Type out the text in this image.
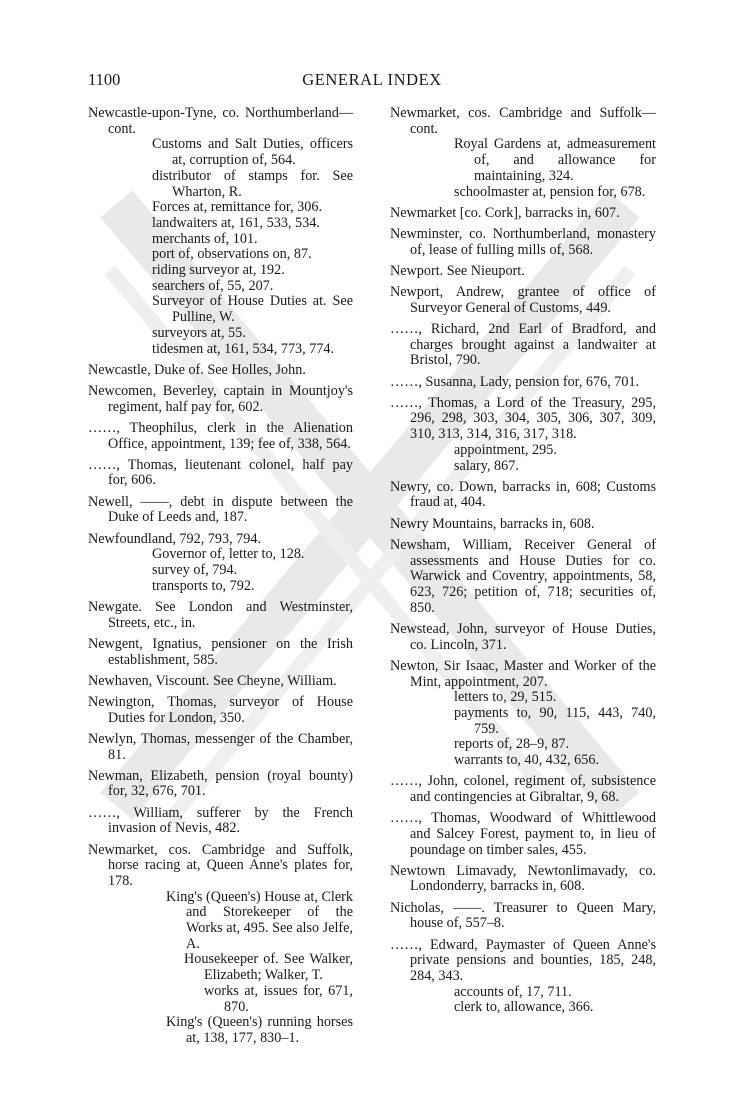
1100	GENERAL INDEX
Newcastle-upon-Tyne, co. Northumberland—cont.
Customs and Salt Duties, officers at, corruption of, 564.
distributor of stamps for. See Wharton, R.
Forces at, remittance for, 306.
landwaiters at, 161, 533, 534.
merchants of, 101.
port of, observations on, 87.
riding surveyor at, 192.
searchers of, 55, 207.
Surveyor of House Duties at. See Pulline, W.
surveyors at, 55.
tidesmen at, 161, 534, 773, 774.
Newcastle, Duke of. See Holles, John.
Newcomen, Beverley, captain in Mountjoy's regiment, half pay for, 602.
……, Theophilus, clerk in the Alienation Office, appointment, 139; fee of, 338, 564.
……, Thomas, lieutenant colonel, half pay for, 606.
Newell, ——, debt in dispute between the Duke of Leeds and, 187.
Newfoundland, 792, 793, 794.
Governor of, letter to, 128.
survey of, 794.
transports to, 792.
Newgate. See London and Westminster, Streets, etc., in.
Newgent, Ignatius, pensioner on the Irish establishment, 585.
Newhaven, Viscount. See Cheyne, William.
Newington, Thomas, surveyor of House Duties for London, 350.
Newlyn, Thomas, messenger of the Chamber, 81.
Newman, Elizabeth, pension (royal bounty) for, 32, 676, 701.
……, William, sufferer by the French invasion of Nevis, 482.
Newmarket, cos. Cambridge and Suffolk, horse racing at, Queen Anne's plates for, 178.
King's (Queen's) House at, Clerk and Storekeeper of the Works at, 495. See also Jelfe, A.
Housekeeper of. See Walker, Elizabeth; Walker, T.
works at, issues for, 671, 870.
King's (Queen's) running horses at, 138, 177, 830–1.
Newmarket, cos. Cambridge and Suffolk—cont.
Royal Gardens at, admeasurement of, and allowance for maintaining, 324.
schoolmaster at, pension for, 678.
Newmarket [co. Cork], barracks in, 607.
Newminster, co. Northumberland, monastery of, lease of fulling mills of, 568.
Newport. See Nieuport.
Newport, Andrew, grantee of office of Surveyor General of Customs, 449.
……, Richard, 2nd Earl of Bradford, and charges brought against a landwaiter at Bristol, 790.
……, Susanna, Lady, pension for, 676, 701.
……, Thomas, a Lord of the Treasury, 295, 296, 298, 303, 304, 305, 306, 307, 309, 310, 313, 314, 316, 317, 318.
appointment, 295.
salary, 867.
Newry, co. Down, barracks in, 608; Customs fraud at, 404.
Newry Mountains, barracks in, 608.
Newsham, William, Receiver General of assessments and House Duties for co. Warwick and Coventry, appointments, 58, 623, 726; petition of, 718; securities of, 850.
Newstead, John, surveyor of House Duties, co. Lincoln, 371.
Newton, Sir Isaac, Master and Worker of the Mint, appointment, 207.
letters to, 29, 515.
payments to, 90, 115, 443, 740, 759.
reports of, 28–9, 87.
warrants to, 40, 432, 656.
……, John, colonel, regiment of, subsistence and contingencies at Gibraltar, 9, 68.
……, Thomas, Woodward of Whittlewood and Salcey Forest, payment to, in lieu of poundage on timber sales, 455.
Newtown Limavady, Newtonlimavady, co. Londonderry, barracks in, 608.
Nicholas, ——. Treasurer to Queen Mary, house of, 557–8.
……, Edward, Paymaster of Queen Anne's private pensions and bounties, 185, 248, 284, 343.
accounts of, 17, 711.
clerk to, allowance, 366.
